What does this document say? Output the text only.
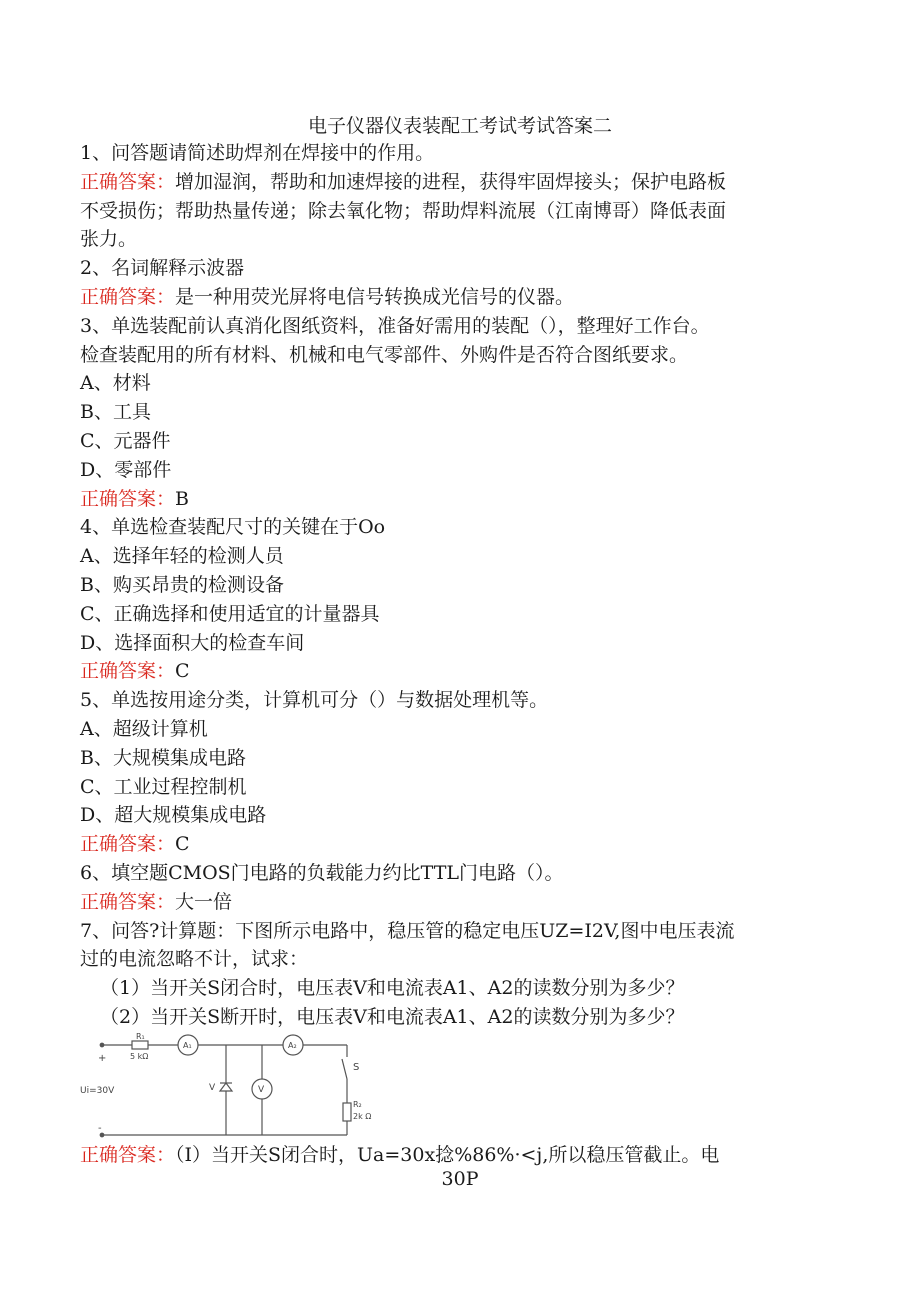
电子仪器仪表装配工考试考试答案二
1、问答题请简述助焊剂在焊接中的作用。
正确答案：增加湿润，帮助和加速焊接的进程，获得牢固焊接头；保护电路板
不受损伤；帮助热量传递；除去氧化物；帮助焊料流展（江南博哥）降低表面
张力。
2、名词解释示波器
正确答案：是一种用荧光屏将电信号转换成光信号的仪器。
3、单选装配前认真消化图纸资料，准备好需用的装配（），整理好工作台。
检查装配用的所有材料、机械和电气零部件、外购件是否符合图纸要求。
A、材料
B、工具
C、元器件
D、零部件
正确答案：B
4、单选检查装配尺寸的关键在于Oo
A、选择年轻的检测人员
B、购买昂贵的检测设备
C、正确选择和使用适宜的计量器具
D、选择面积大的检查车间
正确答案：C
5、单选按用途分类，计算机可分（）与数据处理机等。
A、超级计算机
B、大规模集成电路
C、工业过程控制机
D、超大规模集成电路
正确答案：C
6、填空题CMOS门电路的负载能力约比TTL门电路（）。
正确答案：大一倍
7、问答?计算题：下图所示电路中，稳压管的稳定电压UZ=I2V,图中电压表流
过的电流忽略不计，试求：
（1）当开关S闭合时，电压表V和电流表A1、A2的读数分别为多少？
（2）当开关S断开时，电压表V和电流表A1、A2的读数分别为多少？
+
Ui=30V
-
R₁
5 kΩ
A₁	A₂
V	V
S
R₂
2k Ω
正确答案：（I）当开关S闭合时，Ua=30x捻%86%·<j,所以稳压管截止。电
30P
